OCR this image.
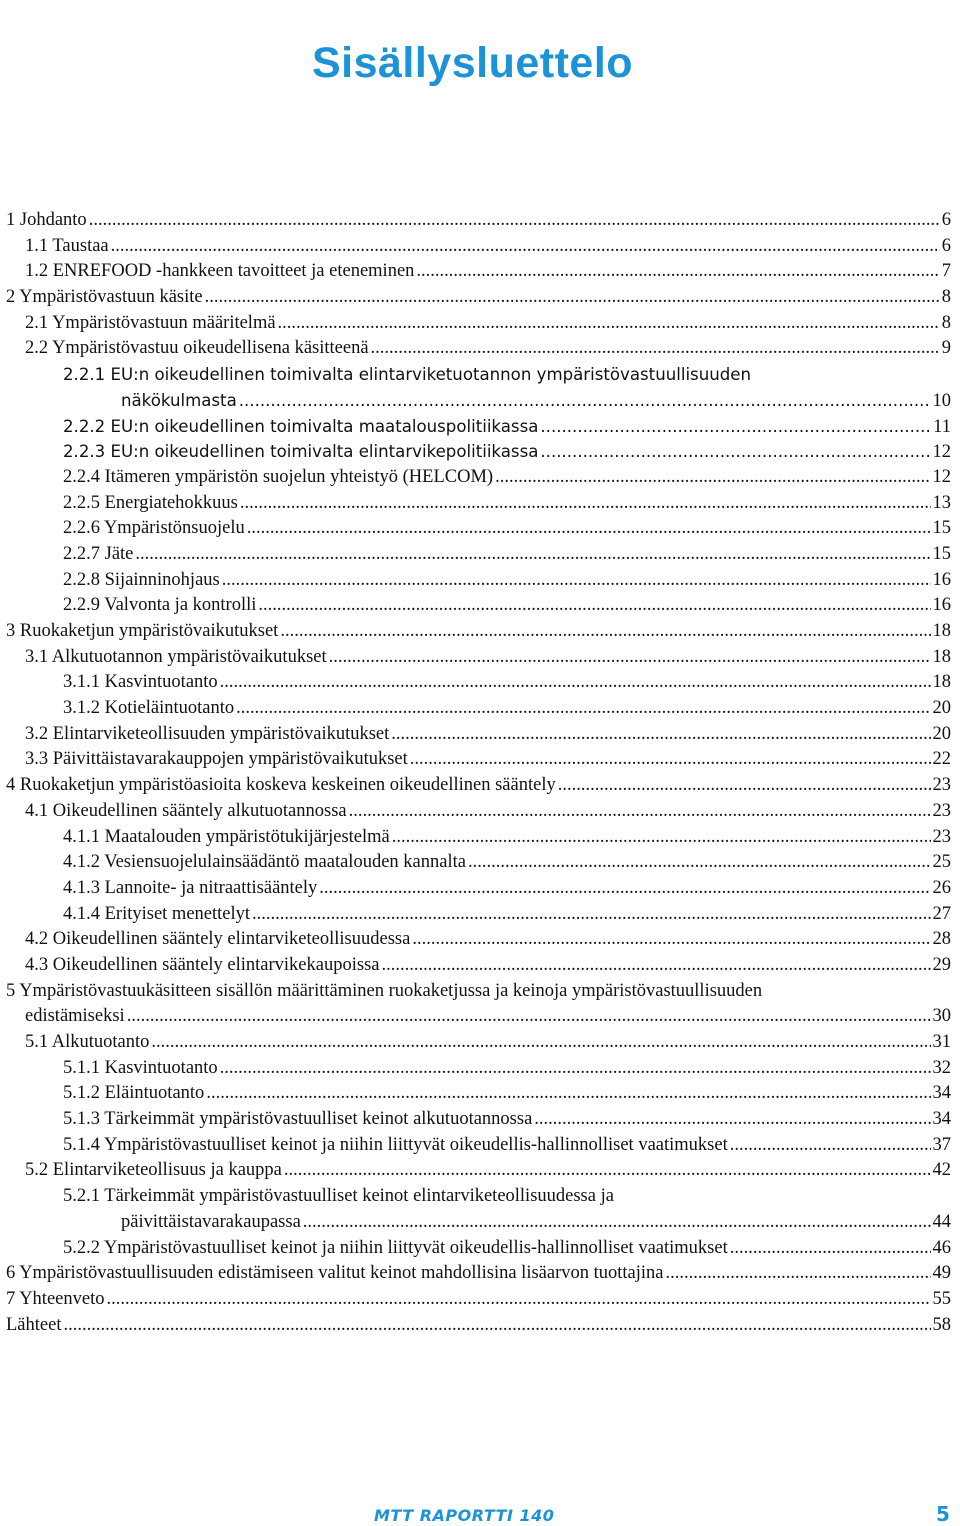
Sisällysluettelo
1 Johdanto .....	6
1.1 Taustaa .....	6
1.2 ENREFOOD -hankkeen tavoitteet ja eteneminen .....	7
2 Ympäristövastuun käsite .....	8
2.1 Ympäristövastuun määritelmä .....	8
2.2 Ympäristövastuu oikeudellisena käsitteenä .....	9
2.2.1 EU:n oikeudellinen toimivalta elintarviketuotannon ympäristövastuullisuuden
näkökulmasta .....	10
2.2.2 EU:n oikeudellinen toimivalta maatalouspolitiikassa .....	11
2.2.3 EU:n oikeudellinen toimivalta elintarvikepolitiikassa .....	12
2.2.4 Itämeren ympäristön suojelun yhteistyö (HELCOM) .....	12
2.2.5 Energiatehokkuus .....	13
2.2.6 Ympäristönsuojelu .....	15
2.2.7 Jäte .....	15
2.2.8 Sijainninohjaus .....	16
2.2.9 Valvonta ja kontrolli .....	16
3 Ruokaketjun ympäristövaikutukset .....	18
3.1 Alkutuotannon ympäristövaikutukset .....	18
3.1.1 Kasvintuotanto .....	18
3.1.2 Kotieläintuotanto .....	20
3.2 Elintarviketeollisuuden ympäristövaikutukset .....	20
3.3 Päivittäistavarakauppojen ympäristövaikutukset .....	22
4 Ruokaketjun ympäristöasioita koskeva keskeinen oikeudellinen sääntely .....	23
4.1 Oikeudellinen sääntely alkutuotannossa .....	23
4.1.1 Maatalouden ympäristötukijärjestelmä .....	23
4.1.2 Vesiensuojelulainsäädäntö maatalouden kannalta .....	25
4.1.3 Lannoite- ja nitraattisääntely .....	26
4.1.4 Erityiset menettelyt .....	27
4.2 Oikeudellinen sääntely elintarviketeollisuudessa .....	28
4.3 Oikeudellinen sääntely elintarvikekaupoissa .....	29
5 Ympäristövastuukäsitteen sisällön määrittäminen ruokaketjussa ja keinoja ympäristövastuullisuuden
edistämiseksi .....	30
5.1 Alkutuotanto .....	31
5.1.1 Kasvintuotanto .....	32
5.1.2 Eläintuotanto .....	34
5.1.3 Tärkeimmät ympäristövastuulliset keinot alkutuotannossa .....	34
5.1.4 Ympäristövastuulliset keinot ja niihin liittyvät oikeudellis-hallinnolliset vaatimukset .....	37
5.2 Elintarviketeollisuus ja kauppa .....	42
5.2.1 Tärkeimmät ympäristövastuulliset keinot elintarviketeollisuudessa ja
päivittäistavarakaupassa .....	44
5.2.2 Ympäristövastuulliset keinot ja niihin liittyvät oikeudellis-hallinnolliset vaatimukset .....	46
6 Ympäristövastuullisuuden edistämiseen valitut keinot mahdollisina lisäarvon tuottajina .....	49
7 Yhteenveto .....	55
Lähteet .....	58
MTT RAPORTTI 140	5
